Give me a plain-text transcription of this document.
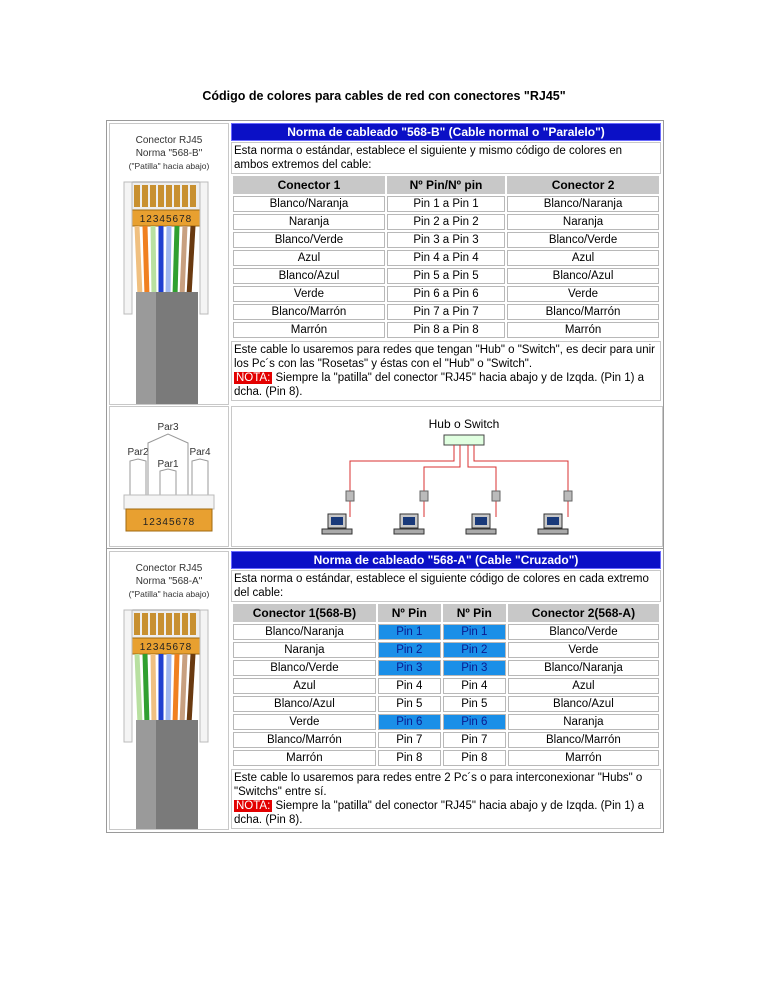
Código de colores para cables de red con conectores "RJ45"
Conector RJ45
Norma "568-B"
("Patilla" hacia abajo)
12345678
Norma de cableado "568-B" (Cable normal o "Paralelo")
Esta norma o estándar, establece el siguiente y mismo código de colores en ambos extremos del cable:
Conector 1	Nº Pin/Nº pin	Conector 2
Blanco/Naranja	Pin 1 a Pin 1	Blanco/Naranja
Naranja	Pin 2 a Pin 2	Naranja
Blanco/Verde	Pin 3 a Pin 3	Blanco/Verde
Azul	Pin 4 a Pin 4	Azul
Blanco/Azul	Pin 5 a Pin 5	Blanco/Azul
Verde	Pin 6 a Pin 6	Verde
Blanco/Marrón	Pin 7 a Pin 7	Blanco/Marrón
Marrón	Pin 8 a Pin 8	Marrón
Este cable lo usaremos para redes que tengan "Hub" o "Switch", es decir para unir los Pc´s con las "Rosetas" y éstas con el "Hub" o "Switch".
NOTA: Siempre la "patilla" del conector "RJ45" hacia abajo y de Izqda. (Pin 1) a dcha. (Pin 8).
Par3
Par2
Par1
Par4
12345678
Hub o Switch
Conector RJ45
Norma "568-A"
("Patilla" hacia abajo)
12345678
Norma de cableado "568-A" (Cable "Cruzado")
Esta norma o estándar, establece el siguiente código de colores en cada extremo del cable:
Conector 1(568-B)	Nº Pin	Nº Pin	Conector 2(568-A)
Blanco/Naranja	Pin 1	Pin 1	Blanco/Verde
Naranja	Pin 2	Pin 2	Verde
Blanco/Verde	Pin 3	Pin 3	Blanco/Naranja
Azul	Pin 4	Pin 4	Azul
Blanco/Azul	Pin 5	Pin 5	Blanco/Azul
Verde	Pin 6	Pin 6	Naranja
Blanco/Marrón	Pin 7	Pin 7	Blanco/Marrón
Marrón	Pin 8	Pin 8	Marrón
Este cable lo usaremos para redes entre 2 Pc´s o para interconexionar "Hubs" o "Switchs" entre sí.
NOTA: Siempre la "patilla" del conector "RJ45" hacia abajo y de Izqda. (Pin 1) a dcha. (Pin 8).
